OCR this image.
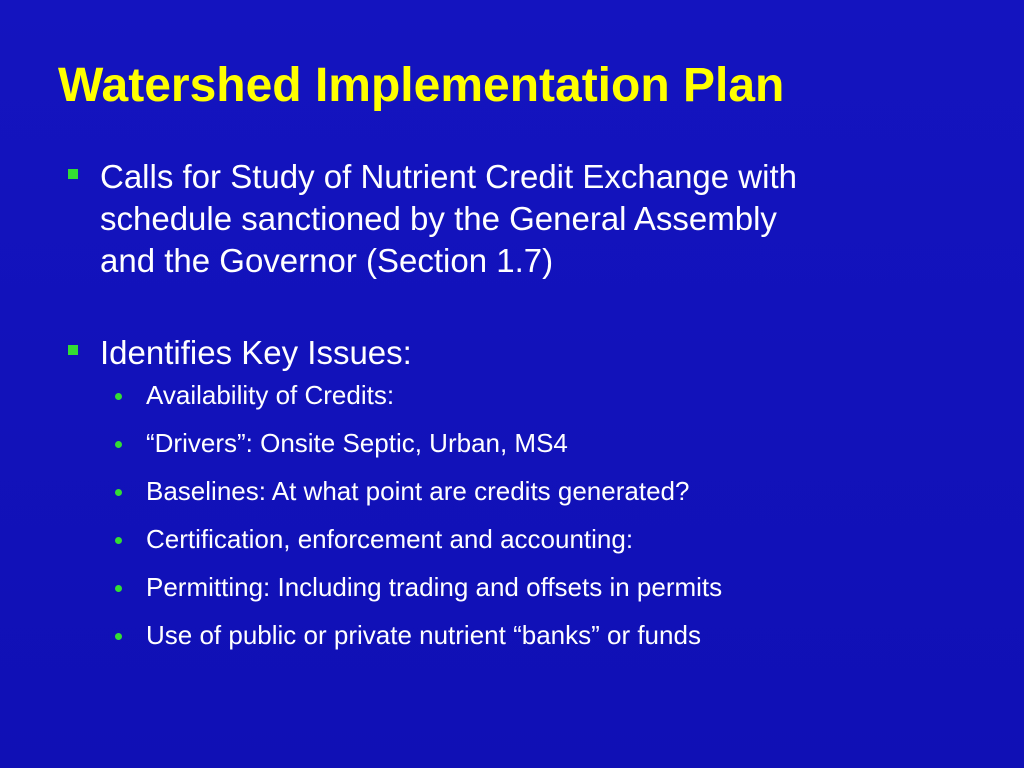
Watershed Implementation Plan
Calls for Study of Nutrient Credit Exchange with
schedule sanctioned by the General Assembly
and the Governor (Section 1.7)
Identifies Key Issues:
Availability of Credits:
“Drivers”: Onsite Septic, Urban, MS4
Baselines: At what point are credits generated?
Certification, enforcement and accounting:
Permitting: Including trading and offsets in permits
Use of public or private nutrient “banks” or funds
